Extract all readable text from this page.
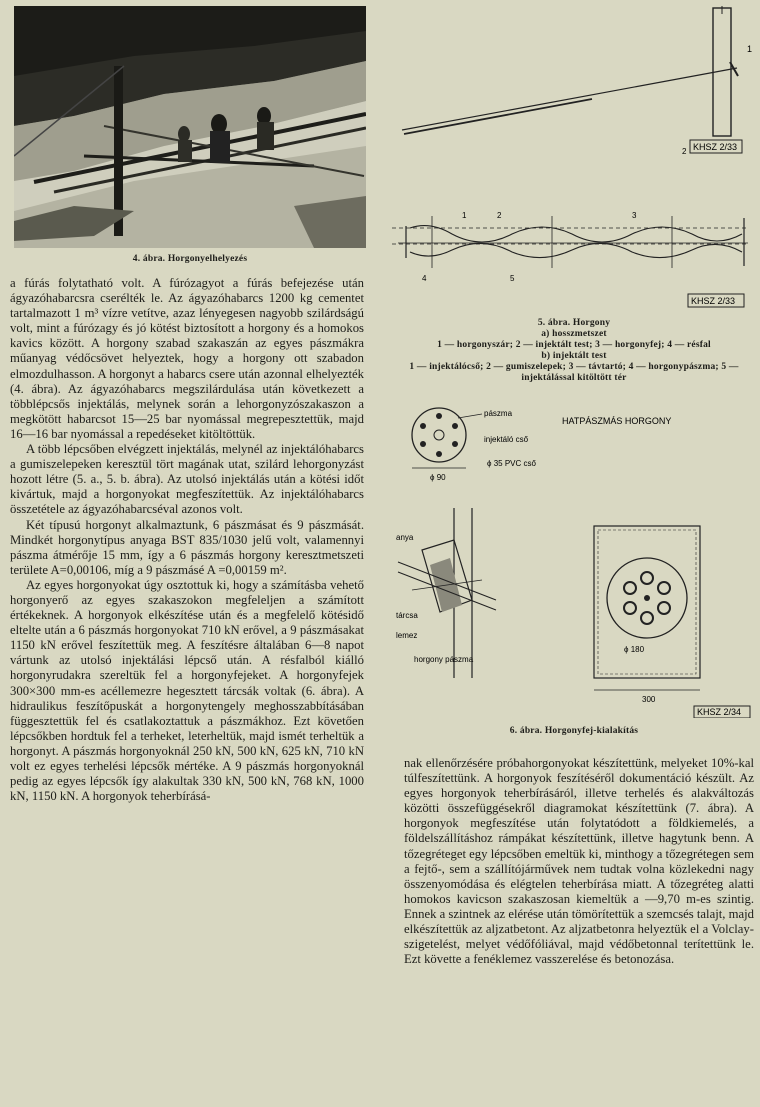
4. ábra. Horgonyelhelyezés
1
2 KHSZ 2/33
1	2	3
4	5
KHSZ 2/33
5. ábra. Horgony
a) hosszmetszet
1 — horgonyszár; 2 — injektált test; 3 — horgonyfej; 4 — résfal
b) injektált test
1 — injektálócső; 2 — gumiszelepek; 3 — távtartó; 4 — horgonypászma; 5 — injektálással kitöltött tér
pászma
injektáló cső
ϕ 90
ϕ 35 PVC cső
HATPÁSZMÁS HORGONY
anya
tárcsa
lemez
horgony pászma
ϕ 180
300
KHSZ 2/34
6. ábra. Horgonyfej-kialakítás

a fúrás folytatható volt. A fúrózagyot a fúrás befejezése után ágyazóhabarcsra cserélték le. Az ágyazóhabarcs 1200 kg cementet tartalmazott 1 m³ vízre vetítve, azaz lényegesen nagyobb szilárdságú volt, mint a fúrózagy és jó kötést biztosított a horgony és a homokos kavics között. A horgony szabad szakaszán az egyes pászmákra műanyag védőcsövet helyeztek, hogy a horgony ott szabadon elmozdulhasson. A horgonyt a habarcs csere után azonnal elhelyezték (4. ábra). Az ágyazóhabarcs megszilárdulása után következett a többlépcsős injektálás, melynek során a lehorgonyzószakaszon a megkötött habarcsot 15—25 bar nyomással megrepesztettük, majd 16—16 bar nyomással a repedéseket kitöltöttük.

A több lépcsőben elvégzett injektálás, melynél az injektálóhabarcs a gumiszelepeken keresztül tört magának utat, szilárd lehorgonyzást hozott létre (5. a., 5. b. ábra). Az utolsó injektálás után a kötési időt kivártuk, majd a horgonyokat megfeszítettük. Az injektálóhabarcs összetétele az ágyazóhabarcséval azonos volt.

Két típusú horgonyt alkalmaztunk, 6 pászmásat és 9 pászmását. Mindkét horgonytípus anyaga BST 835/1030 jelű volt, valamennyi pászma átmérője 15 mm, így a 6 pászmás horgony keresztmetszeti területe A=0,00106, míg a 9 pászmásé A =0,00159 m².

Az egyes horgonyokat úgy osztottuk ki, hogy a számításba vehető horgonyerő az egyes szakaszokon megfeleljen a számított értékeknek. A horgonyok elkészítése után és a megfelelő kötésidő eltelte után a 6 pászmás horgonyokat 710 kN erővel, a 9 pászmásakat 1150 kN erővel feszítettük meg. A feszítésre általában 6—8 napot vártunk az utolsó injektálási lépcső után. A résfalból kiálló horgonyrudakra szereltük fel a horgonyfejeket. A horgonyfejek 300×300 mm-es acéllemezre hegesztett tárcsák voltak (6. ábra). A hidraulikus feszítőpuskát a horgonytengely meghosszabbításában függesztettük fel és csatlakoztattuk a pászmákhoz. Ezt követően lépcsőkben hordtuk fel a terheket, leterheltük, majd ismét terheltük a horgonyt. A pászmás horgonyoknál 250 kN, 500 kN, 625 kN, 710 kN volt ez egyes terhelési lépcsők mértéke. A 9 pászmás horgonyoknál pedig az egyes lépcsők így alakultak 330 kN, 500 kN, 768 kN, 1000 kN, 1150 kN. A horgonyok teherbírásá-

nak ellenőrzésére próbahorgonyokat készítettünk, melyeket 10%-kal túlfeszítettünk. A horgonyok feszítéséről dokumentáció készült. Az egyes horgonyok teherbírásáról, illetve terhelés és alakváltozás közötti összefüggésekről diagramokat készítettünk (7. ábra). A horgonyok megfeszítése után folytatódott a földkiemelés, a földelszállításhoz rámpákat készítettünk, illetve hagytunk benn. A tőzegréteget egy lépcsőben emeltük ki, minthogy a tőzegrétegen sem a fejtő-, sem a szállítójárművek nem tudtak volna közlekedni nagy összenyomódása és elégtelen teherbírása miatt. A tőzegréteg alatti homokos kavicson szakaszosan kiemeltük a —9,70 m-es szintig. Ennek a szintnek az elérése után tömörítettük a szemcsés talajt, majd elkészítettük az aljzatbetont. Az aljzatbetonra helyeztük el a Volclay-szigetelést, melyet védőfóliával, majd védőbetonnal terítettünk le. Ezt követte a fenéklemez vasszerelése és betonozása.
